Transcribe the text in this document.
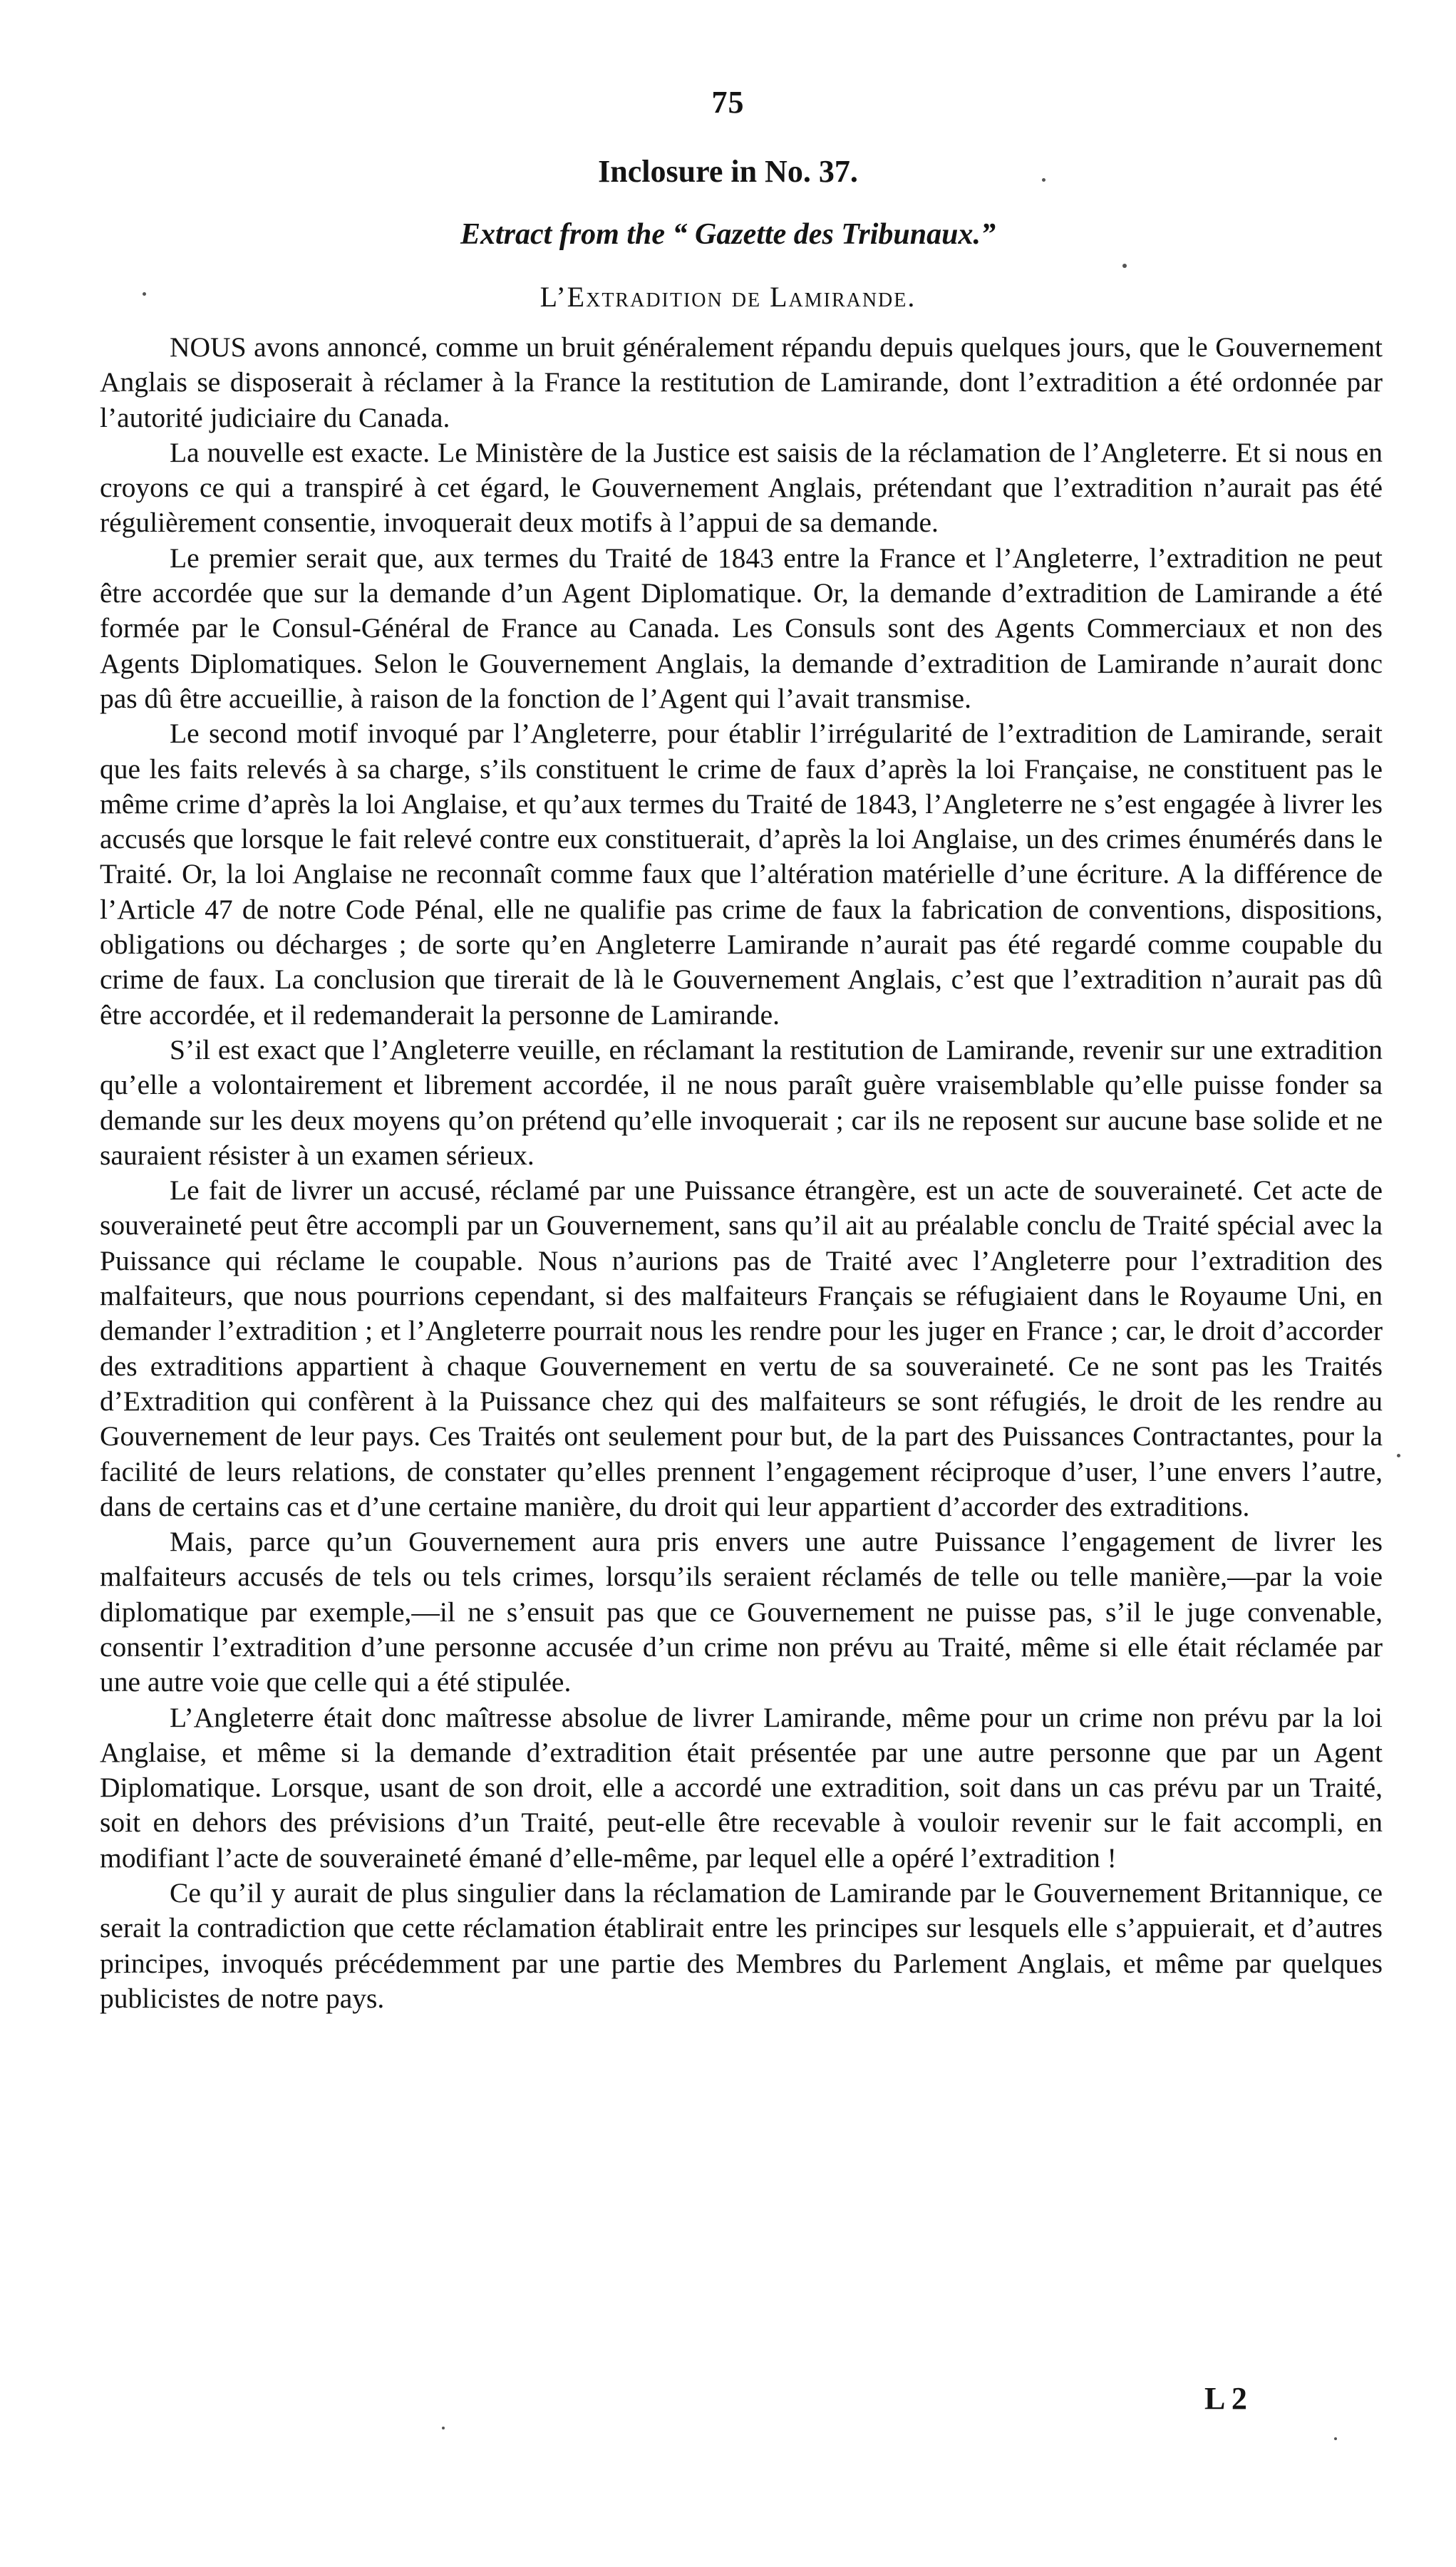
75
Inclosure in No. 37.
Extract from the “ Gazette des Tribunaux.”
L’Extradition de Lamirande.

NOUS avons annoncé, comme un bruit généralement répandu depuis quelques jours, que le Gouvernement Anglais se disposerait à réclamer à la France la restitution de Lamirande, dont l’extradition a été ordonnée par l’autorité judiciaire du Canada.

La nouvelle est exacte. Le Ministère de la Justice est saisis de la réclamation de l’Angleterre. Et si nous en croyons ce qui a transpiré à cet égard, le Gouvernement Anglais, prétendant que l’extradition n’aurait pas été régulièrement consentie, invoquerait deux motifs à l’appui de sa demande.

Le premier serait que, aux termes du Traité de 1843 entre la France et l’Angleterre, l’extradition ne peut être accordée que sur la demande d’un Agent Diplomatique. Or, la demande d’extradition de Lamirande a été formée par le Consul-Général de France au Canada. Les Consuls sont des Agents Commerciaux et non des Agents Diplomatiques. Selon le Gouvernement Anglais, la demande d’extradition de Lamirande n’aurait donc pas dû être accueillie, à raison de la fonction de l’Agent qui l’avait transmise.

Le second motif invoqué par l’Angleterre, pour établir l’irrégularité de l’extradition de Lamirande, serait que les faits relevés à sa charge, s’ils constituent le crime de faux d’après la loi Française, ne constituent pas le même crime d’après la loi Anglaise, et qu’aux termes du Traité de 1843, l’Angleterre ne s’est engagée à livrer les accusés que lorsque le fait relevé contre eux constituerait, d’après la loi Anglaise, un des crimes énumérés dans le Traité. Or, la loi Anglaise ne reconnaît comme faux que l’altération matérielle d’une écriture. A la différence de l’Article 47 de notre Code Pénal, elle ne qualifie pas crime de faux la fabrication de conventions, dispositions, obligations ou décharges ; de sorte qu’en Angleterre Lamirande n’aurait pas été regardé comme coupable du crime de faux. La conclusion que tirerait de là le Gouvernement Anglais, c’est que l’extradition n’aurait pas dû être accordée, et il redemanderait la personne de Lamirande.

S’il est exact que l’Angleterre veuille, en réclamant la restitution de Lamirande, revenir sur une extradition qu’elle a volontairement et librement accordée, il ne nous paraît guère vraisemblable qu’elle puisse fonder sa demande sur les deux moyens qu’on prétend qu’elle invoquerait ; car ils ne reposent sur aucune base solide et ne sauraient résister à un examen sérieux.

Le fait de livrer un accusé, réclamé par une Puissance étrangère, est un acte de souveraineté. Cet acte de souveraineté peut être accompli par un Gouvernement, sans qu’il ait au préalable conclu de Traité spécial avec la Puissance qui réclame le coupable. Nous n’aurions pas de Traité avec l’Angleterre pour l’extradition des malfaiteurs, que nous pourrions cependant, si des malfaiteurs Français se réfugiaient dans le Royaume Uni, en demander l’extradition ; et l’Angleterre pourrait nous les rendre pour les juger en France ; car, le droit d’accorder des extraditions appartient à chaque Gouvernement en vertu de sa souveraineté. Ce ne sont pas les Traités d’Extradition qui confèrent à la Puissance chez qui des malfaiteurs se sont réfugiés, le droit de les rendre au Gouvernement de leur pays. Ces Traités ont seulement pour but, de la part des Puissances Contractantes, pour la facilité de leurs relations, de constater qu’elles prennent l’engagement réciproque d’user, l’une envers l’autre, dans de certains cas et d’une certaine manière, du droit qui leur appartient d’accorder des extraditions.

Mais, parce qu’un Gouvernement aura pris envers une autre Puissance l’engagement de livrer les malfaiteurs accusés de tels ou tels crimes, lorsqu’ils seraient réclamés de telle ou telle manière,—par la voie diplomatique par exemple,—il ne s’ensuit pas que ce Gouvernement ne puisse pas, s’il le juge convenable, consentir l’extradition d’une personne accusée d’un crime non prévu au Traité, même si elle était réclamée par une autre voie que celle qui a été stipulée.

L’Angleterre était donc maîtresse absolue de livrer Lamirande, même pour un crime non prévu par la loi Anglaise, et même si la demande d’extradition était présentée par une autre personne que par un Agent Diplomatique. Lorsque, usant de son droit, elle a accordé une extradition, soit dans un cas prévu par un Traité, soit en dehors des prévisions d’un Traité, peut-elle être recevable à vouloir revenir sur le fait accompli, en modifiant l’acte de souveraineté émané d’elle-même, par lequel elle a opéré l’extradition !

Ce qu’il y aurait de plus singulier dans la réclamation de Lamirande par le Gouvernement Britannique, ce serait la contradiction que cette réclamation établirait entre les principes sur lesquels elle s’appuierait, et d’autres principes, invoqués précédemment par une partie des Membres du Parlement Anglais, et même par quelques publicistes de notre pays.

L 2
